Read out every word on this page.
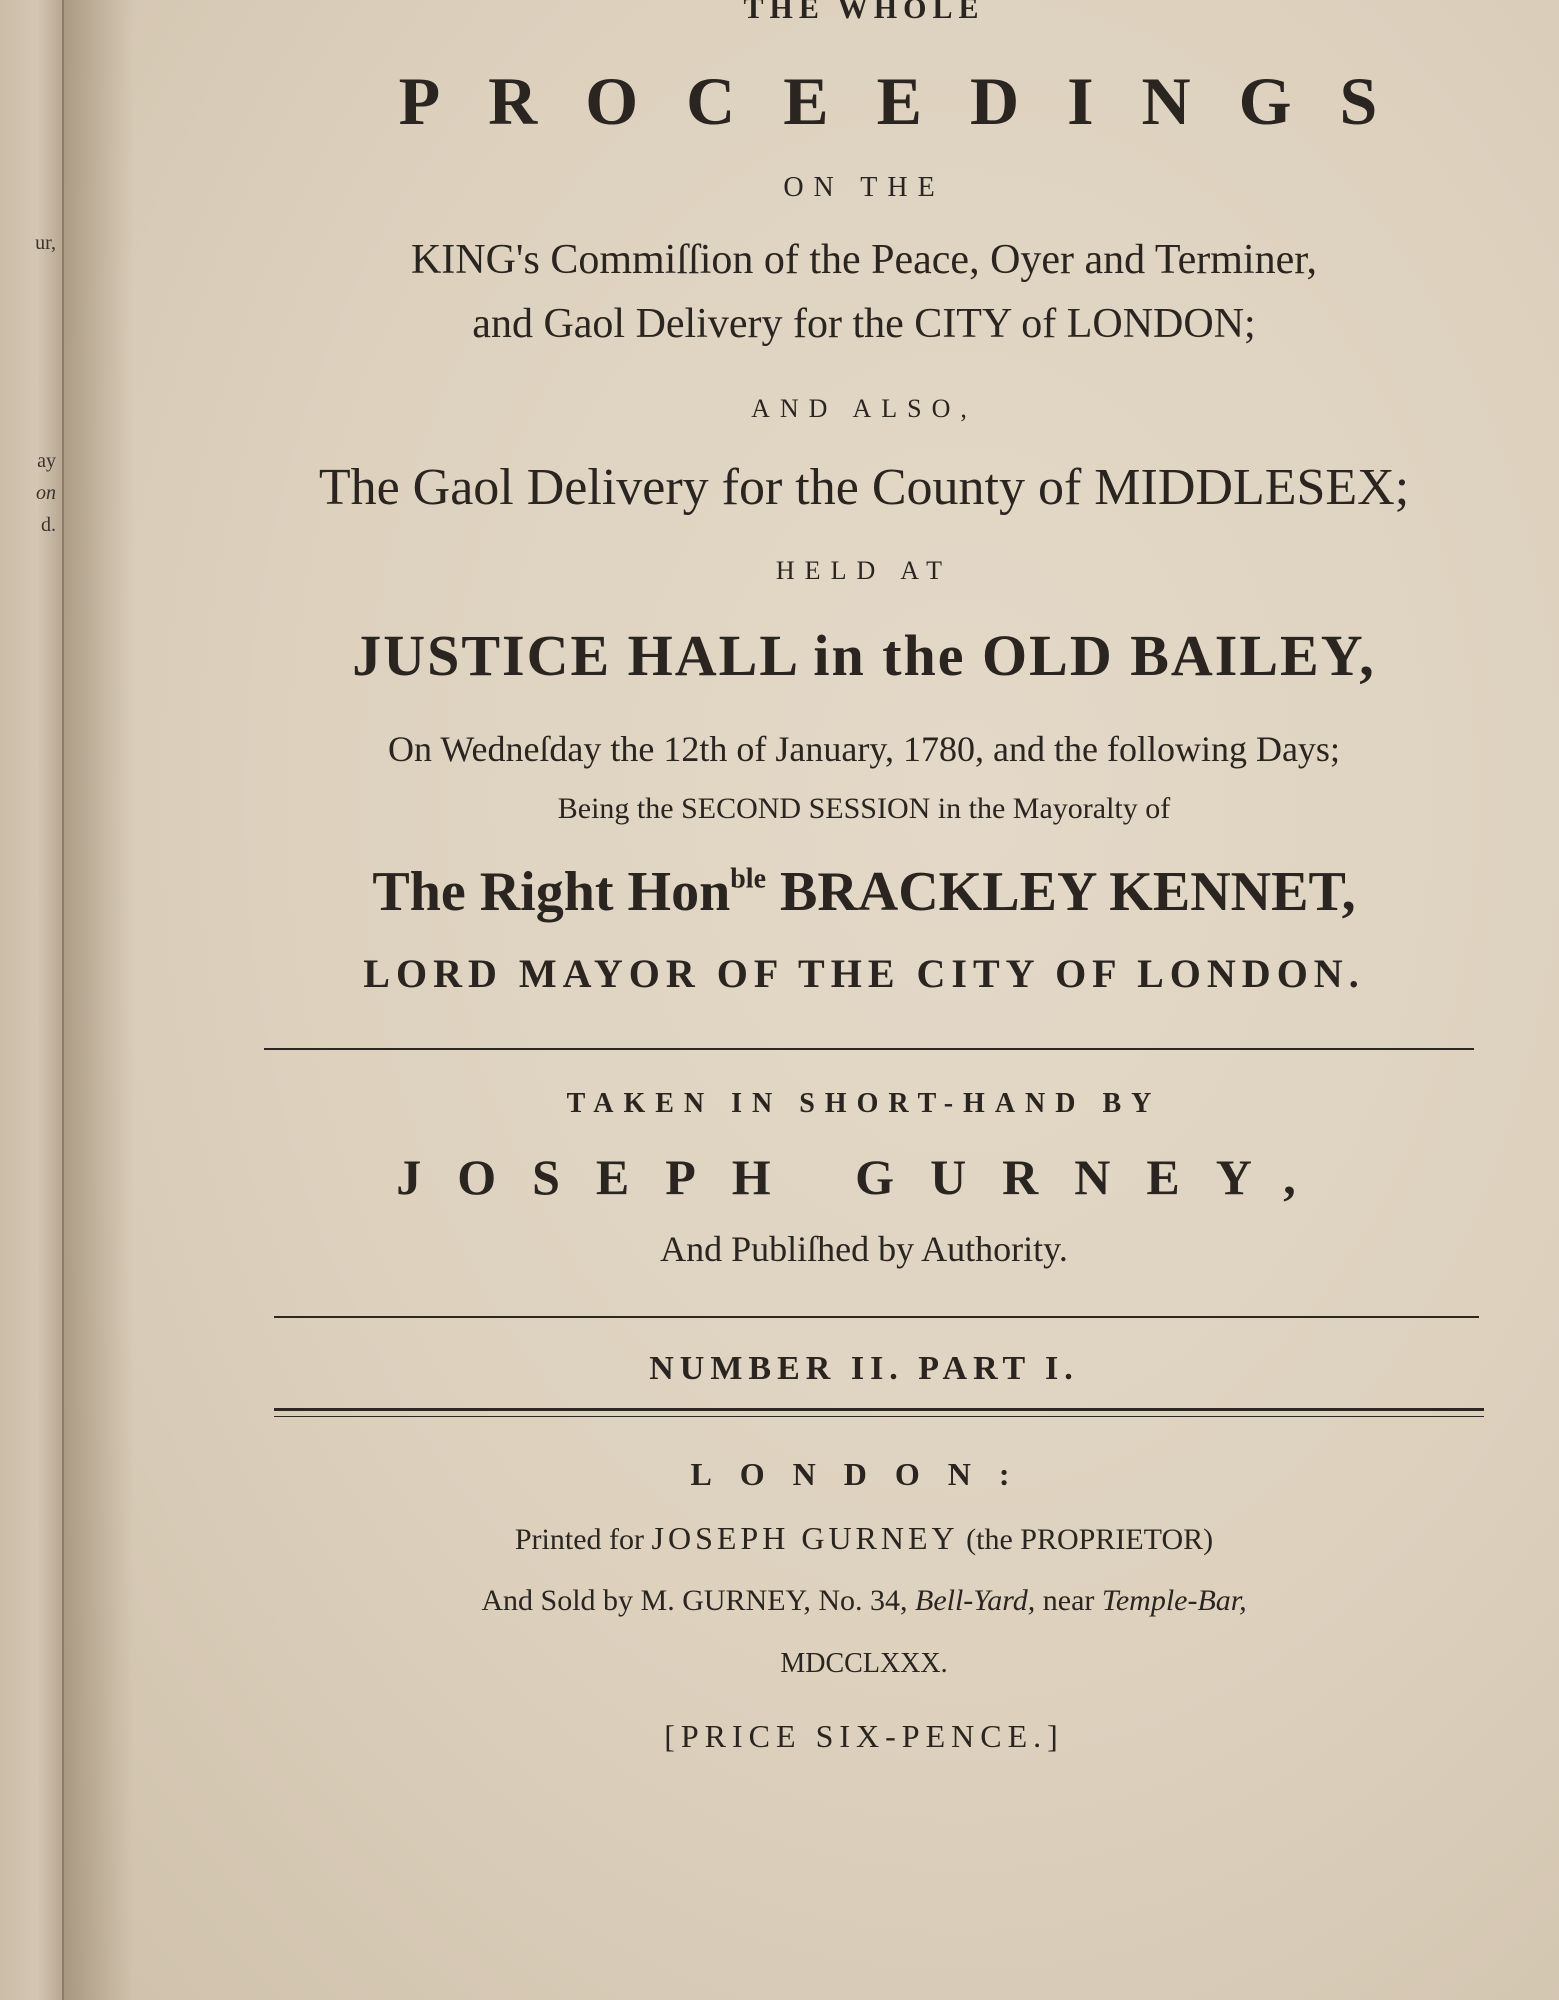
ur,
ay
on
d.
THE WHOLE
PROCEEDINGS
ON THE
KING's Commiſſion of the Peace, Oyer and Terminer,
and Gaol Delivery for the CITY of LONDON;
AND ALSO,
The Gaol Delivery for the County of MIDDLESEX;
HELD AT
JUSTICE HALL in the OLD BAILEY,
On Wedneſday the 12th of January, 1780, and the following Days;
Being the SECOND SESSION in the Mayoralty of
The Right Hon$^{ble}$ BRACKLEY KENNET,
LORD MAYOR OF THE CITY OF LONDON.
TAKEN IN SHORT-HAND BY
JOSEPH GURNEY,
And Publiſhed by Authority.
NUMBER II. PART I.
LONDON:
Printed for JOSEPH GURNEY (the PROPRIETOR)
And Sold by M. GURNEY, No. 34, Bell-Yard, near Temple-Bar,
MDCCLXXX.
[PRICE SIX-PENCE.]
